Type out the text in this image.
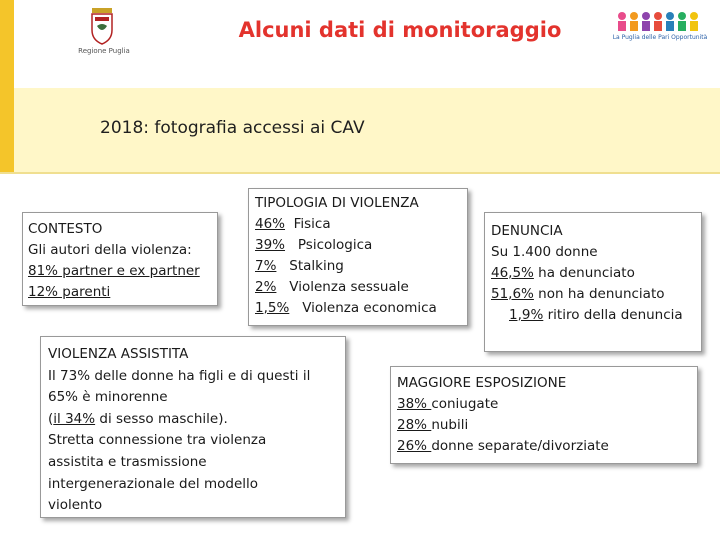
Regione Puglia
Alcuni dati di monitoraggio	La Puglia delle Pari Opportunità
2018: fotografia accessi ai CAV
CONTESTO
Gli autori della violenza:
81% partner e ex partner
12% parenti
TIPOLOGIA DI VIOLENZA
46% Fisica
39% Psicologica
7% Stalking
2% Violenza sessuale
1,5% Violenza economica
DENUNCIA
Su 1.400 donne
46,5% ha denunciato
51,6% non ha denunciato
1,9% ritiro della denuncia
VIOLENZA ASSISTITA
Il 73% delle donne ha figli e di questi il
65% è minorenne
(il 34% di sesso maschile).
Stretta connessione tra violenza
assistita e trasmissione
intergenerazionale del modello
violento
MAGGIORE ESPOSIZIONE
38% coniugate
28% nubili
26% donne separate/divorziate
